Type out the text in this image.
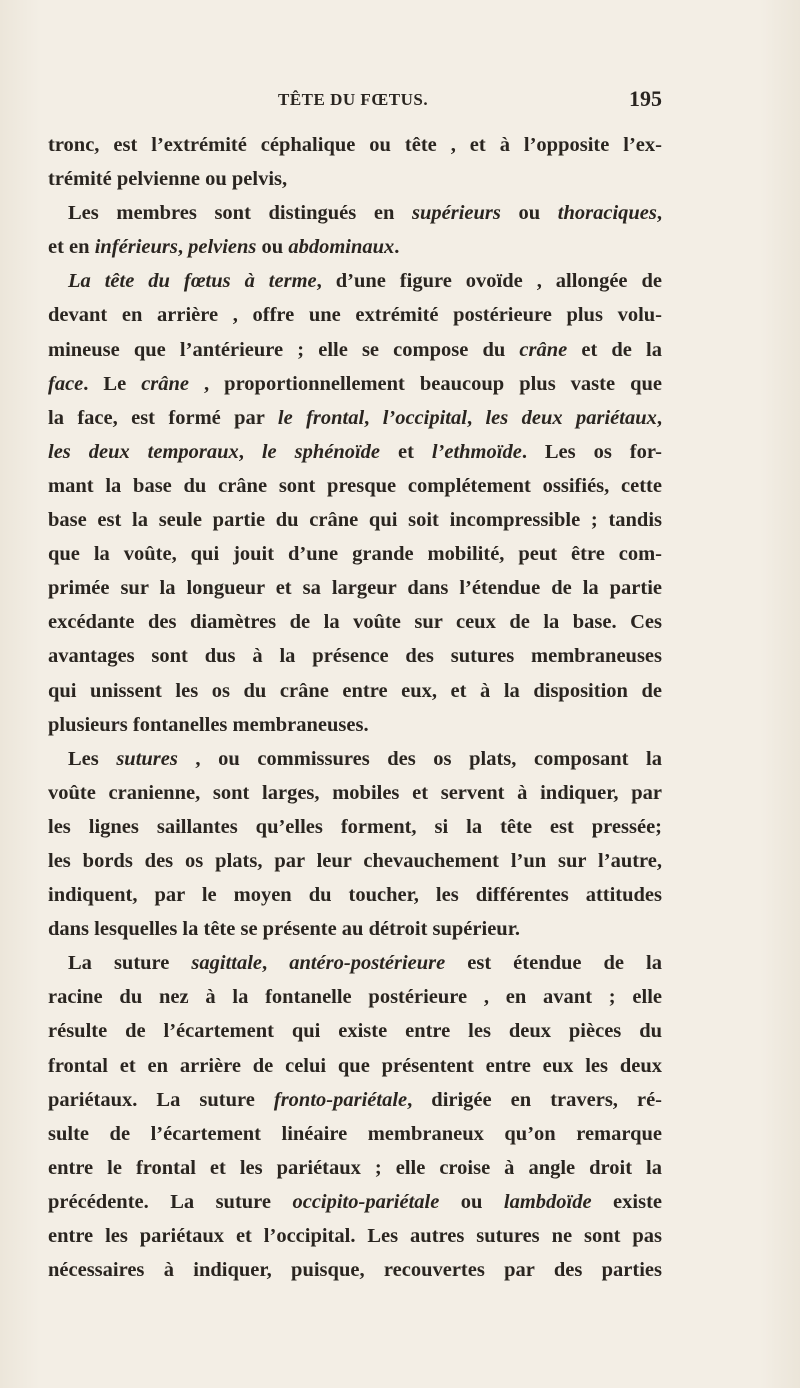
TÊTE DU FŒTUS.	195
tronc, est l’extrémité céphalique ou tête , et à l’opposite l’ex-
trémité pelvienne ou pelvis,
Les membres sont distingués en supérieurs ou thoraciques,
et en inférieurs, pelviens ou abdominaux.
La tête du fœtus à terme, d’une figure ovoïde , allongée de
devant en arrière , offre une extrémité postérieure plus volu-
mineuse que l’antérieure ; elle se compose du crâne et de la
face. Le crâne , proportionnellement beaucoup plus vaste que
la face, est formé par le frontal, l’occipital, les deux pariétaux,
les deux temporaux, le sphénoïde et l’ethmoïde. Les os for-
mant la base du crâne sont presque complétement ossifiés, cette
base est la seule partie du crâne qui soit incompressible ; tandis
que la voûte, qui jouit d’une grande mobilité, peut être com-
primée sur la longueur et sa largeur dans l’étendue de la partie
excédante des diamètres de la voûte sur ceux de la base. Ces
avantages sont dus à la présence des sutures membraneuses
qui unissent les os du crâne entre eux, et à la disposition de
plusieurs fontanelles membraneuses.
Les sutures , ou commissures des os plats, composant la
voûte cranienne, sont larges, mobiles et servent à indiquer, par
les lignes saillantes qu’elles forment, si la tête est pressée;
les bords des os plats, par leur chevauchement l’un sur l’autre,
indiquent, par le moyen du toucher, les différentes attitudes
dans lesquelles la tête se présente au détroit supérieur.
La suture sagittale, antéro-postérieure est étendue de la
racine du nez à la fontanelle postérieure , en avant ; elle
résulte de l’écartement qui existe entre les deux pièces du
frontal et en arrière de celui que présentent entre eux les deux
pariétaux. La suture fronto-pariétale, dirigée en travers, ré-
sulte de l’écartement linéaire membraneux qu’on remarque
entre le frontal et les pariétaux ; elle croise à angle droit la
précédente. La suture occipito-pariétale ou lambdoïde existe
entre les pariétaux et l’occipital. Les autres sutures ne sont pas
nécessaires à indiquer, puisque, recouvertes par des parties
